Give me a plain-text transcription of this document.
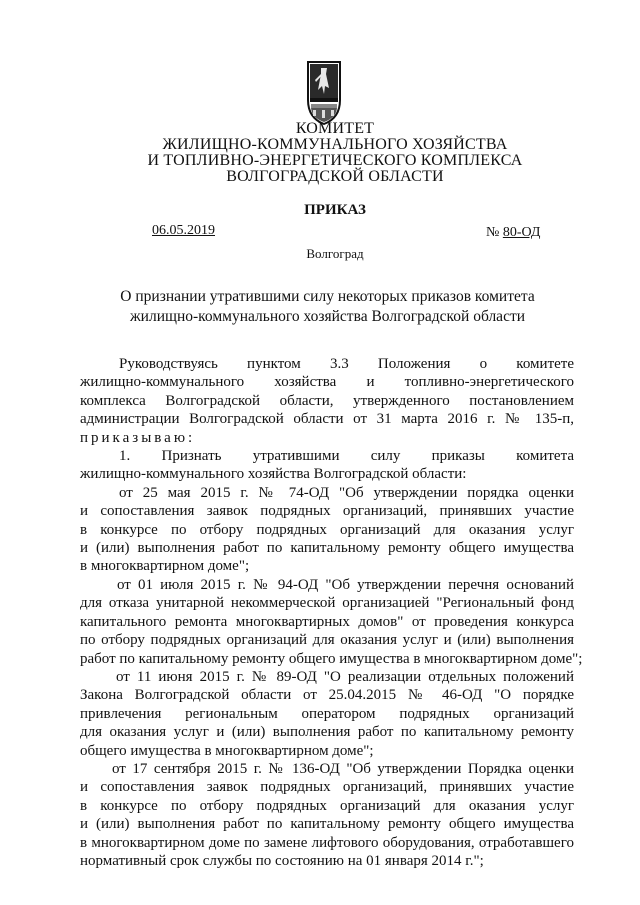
КОМИТЕТ
ЖИЛИЩНО-КОММУНАЛЬНОГО ХОЗЯЙСТВА
И ТОПЛИВНО-ЭНЕРГЕТИЧЕСКОГО КОМПЛЕКСА
ВОЛГОГРАДСКОЙ ОБЛАСТИ
ПРИКАЗ
06.05.2019	№ 80-ОД
Волгоград
О признании утратившими силу некоторых приказов комитета
жилищно-коммунального хозяйства Волгоградской области
Руководствуясь пунктом 3.3 Положения о комитете
жилищно-коммунального хозяйства и топливно-энергетического
комплекса Волгоградской области, утвержденного постановлением
администрации Волгоградской области от 31 марта 2016 г. № 135-п,
приказываю:
1. Признать утратившими силу приказы комитета
жилищно-коммунального хозяйства Волгоградской области:
от 25 мая 2015 г. № 74-ОД "Об утверждении порядка оценки
и сопоставления заявок подрядных организаций, принявших участие
в конкурсе по отбору подрядных организаций для оказания услуг
и (или) выполнения работ по капитальному ремонту общего имущества
в многоквартирном доме";
от 01 июля 2015 г. № 94-ОД "Об утверждении перечня оснований
для отказа унитарной некоммерческой организацией "Региональный фонд
капитального ремонта многоквартирных домов" от проведения конкурса
по отбору подрядных организаций для оказания услуг и (или) выполнения
работ по капитальному ремонту общего имущества в многоквартирном доме";
от 11 июня 2015 г. № 89-ОД "О реализации отдельных положений
Закона Волгоградской области от 25.04.2015 № 46-ОД "О порядке
привлечения региональным оператором подрядных организаций
для оказания услуг и (или) выполнения работ по капитальному ремонту
общего имущества в многоквартирном доме";
от 17 сентября 2015 г. № 136-ОД "Об утверждении Порядка оценки
и сопоставления заявок подрядных организаций, принявших участие
в конкурсе по отбору подрядных организаций для оказания услуг
и (или) выполнения работ по капитальному ремонту общего имущества
в многоквартирном доме по замене лифтового оборудования, отработавшего
нормативный срок службы по состоянию на 01 января 2014 г.";
